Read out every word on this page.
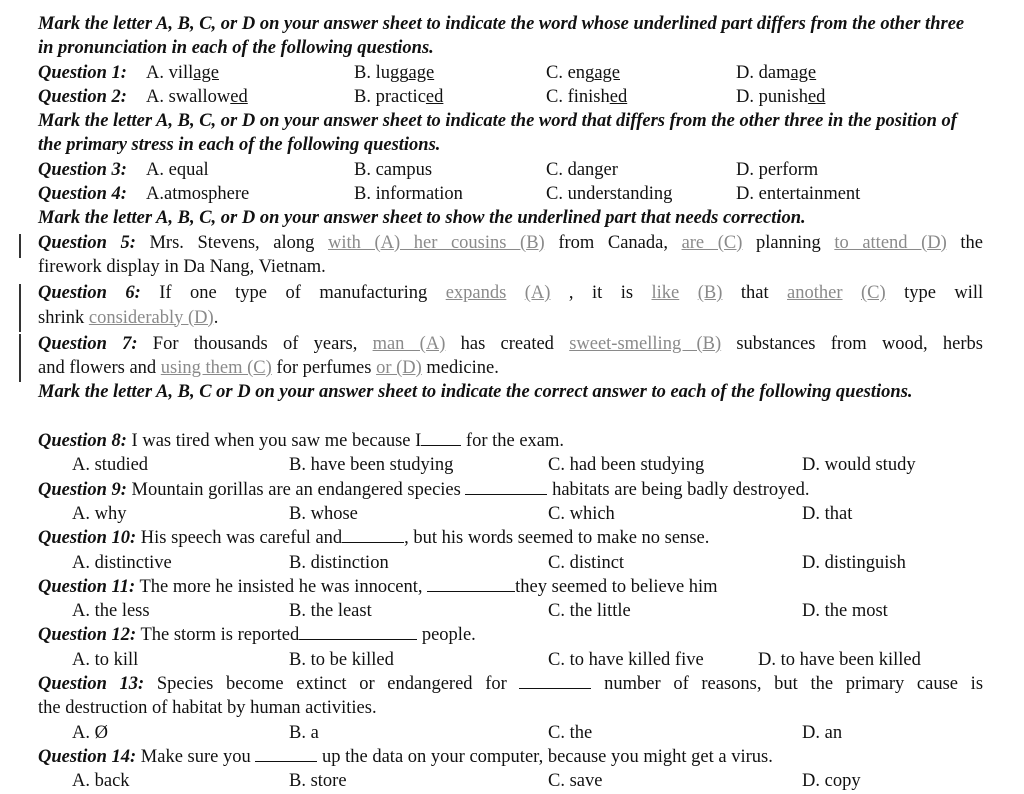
Mark the letter A, B, C, or D on your answer sheet to indicate the word whose underlined part differs from the other three in pronunciation in each of the following questions.
Question 1: A. village	B. luggage	C. engage	D. damage
Question 2: A. swallowed	B. practiced	C. finished	D. punished
Mark the letter A, B, C, or D on your answer sheet to indicate the word that differs from the other three in the position of the primary stress in each of the following questions.
Question 3: A. equal	B. campus	C. danger	D. perform
Question 4: A.atmosphere	B. information	C. understanding	D. entertainment
Mark the letter A, B, C, or D on your answer sheet to show the underlined part that needs correction.
Question 5: Mrs. Stevens, along with (A) her cousins (B) from Canada, are (C) planning to attend (D) the
firework display in Da Nang, Vietnam.
Question 6: If one type of manufacturing expands (A) , it is like (B) that another (C) type will
shrink considerably (D).
Question 7: For thousands of years, man (A) has created sweet-smelling (B) substances from wood, herbs
and flowers and using them (C) for perfumes or (D) medicine.
Mark the letter A, B, C or D on your answer sheet to indicate the correct answer to each of the following questions.
Question 8: I was tired when you saw me because I for the exam.
A. studied	B. have been studying	C. had been studying	D. would study
Question 9: Mountain gorillas are an endangered species	habitats are being badly destroyed.
A. why	B. whose	C. which	D. that
Question 10: His speech was careful and	, but his words seemed to make no sense.
A. distinctive	B. distinction	C. distinct	D. distinguish
Question 11: The more he insisted he was innocent,	they seemed to believe him
A. the less	B. the least	C. the little	D. the most
Question 12: The storm is reported	people.
A. to kill	B. to be killed	C. to have killed five	D. to have been killed
Question 13: Species become extinct or endangered for	number of reasons, but the primary cause is
the destruction of habitat by human activities.
A. Ø	B. a	C. the	D. an
Question 14: Make sure you	up the data on your computer, because you might get a virus.
A. back	B. store	C. save	D. copy
